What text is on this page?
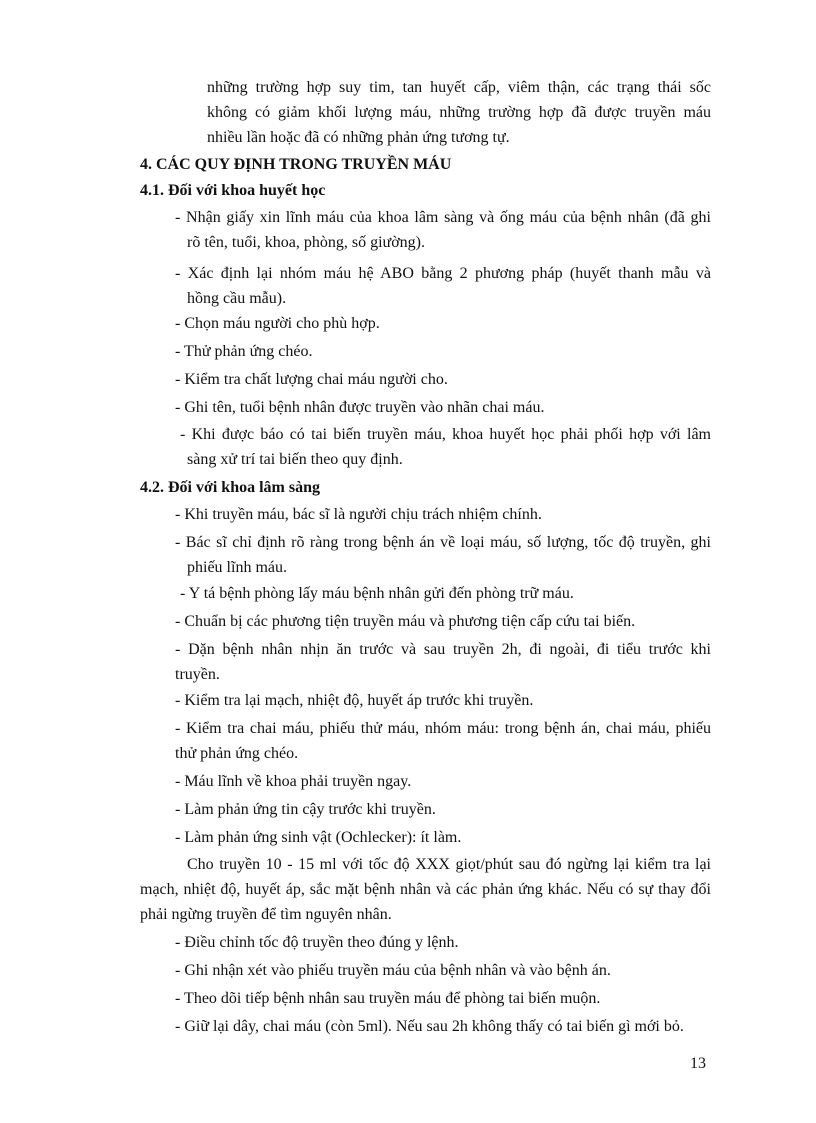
những trường hợp suy tim, tan huyết cấp, viêm thận, các trạng thái sốc
không có giảm khối lượng máu, những trường hợp đã được truyền máu
nhiều lần hoặc đã có những phản ứng tương tự.
4. CÁC QUY ĐỊNH TRONG TRUYỀN MÁU
4.1. Đối với khoa huyết học
- Nhận giấy xin lĩnh máu của khoa lâm sàng và ống máu của bệnh nhân (đã ghi
rõ tên, tuổi, khoa, phòng, số giường).
- Xác định lại nhóm máu hệ ABO bằng 2 phương pháp (huyết thanh mẫu và
hồng cầu mẫu).
- Chọn máu người cho phù hợp.
- Thử phản ứng chéo.
- Kiểm tra chất lượng chai máu người cho.
- Ghi tên, tuổi bệnh nhân được truyền vào nhãn chai máu.
- Khi được báo có tai biến truyền máu, khoa huyết học phải phối hợp với lâm
sàng xử trí tai biến theo quy định.
4.2. Đối với khoa lâm sàng
- Khi truyền máu, bác sĩ là người chịu trách nhiệm chính.
- Bác sĩ chỉ định rõ ràng trong bệnh án về loại máu, số lượng, tốc độ truyền, ghi
phiếu lĩnh máu.
- Y tá bệnh phòng lấy máu bệnh nhân gửi đến phòng trữ máu.
- Chuẩn bị các phương tiện truyền máu và phương tiện cấp cứu tai biến.
- Dặn bệnh nhân nhịn ăn trước và sau truyền 2h, đi ngoài, đi tiểu trước khi
truyền.
- Kiểm tra lại mạch, nhiệt độ, huyết áp trước khi truyền.
- Kiểm tra chai máu, phiếu thử máu, nhóm máu: trong bệnh án, chai máu, phiếu
thử phản ứng chéo.
- Máu lĩnh về khoa phải truyền ngay.
- Làm phản ứng tin cậy trước khi truyền.
- Làm phản ứng sinh vật (Ochlecker): ít làm.
Cho truyền 10 - 15 ml với tốc độ XXX giọt/phút sau đó ngừng lại kiểm tra lại
mạch, nhiệt độ, huyết áp, sắc mặt bệnh nhân và các phản ứng khác. Nếu có sự thay đổi
phải ngừng truyền để tìm nguyên nhân.
- Điều chỉnh tốc độ truyền theo đúng y lệnh.
- Ghi nhận xét vào phiếu truyền máu của bệnh nhân và vào bệnh án.
- Theo dõi tiếp bệnh nhân sau truyền máu để phòng tai biến muộn.
- Giữ lại dây, chai máu (còn 5ml). Nếu sau 2h không thấy có tai biến gì mới bỏ.
13
